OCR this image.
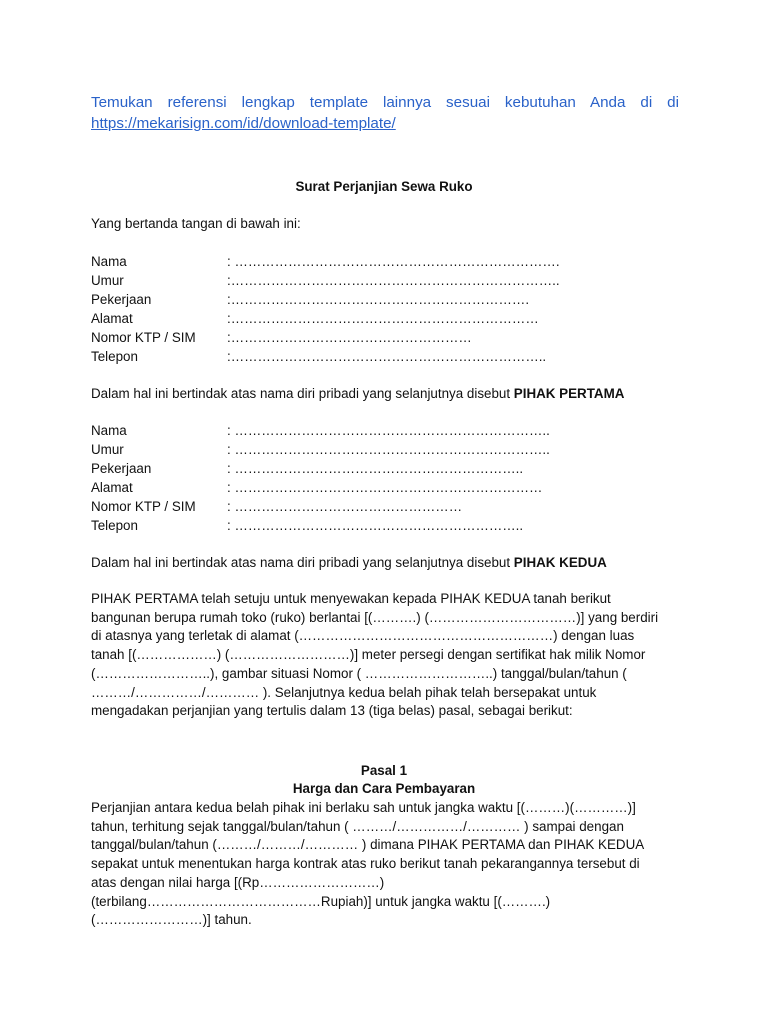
Temukan referensi lengkap template lainnya sesuai kebutuhan Anda di di
https://mekarisign.com/id/download-template/
Surat Perjanjian Sewa Ruko
Yang bertanda tangan di bawah ini:
Nama	: ……………………………………………………………….
Umur	:………………………………………………………………..
Pekerjaan	:………………………………………………………….
Alamat	:……………………………………………………………
Nomor KTP / SIM :………………………………………………
Telepon	:……………………………………………………………..
Dalam hal ini bertindak atas nama diri pribadi yang selanjutnya disebut PIHAK PERTAMA
Nama	: ……………………………………………………………..
Umur	: ……………………………………………………………..
Pekerjaan	: ………………………………………………………..
Alamat	: ……………………………………………………………
Nomor KTP / SIM : ……………………………………………
Telepon	: ………………………………………………………..
Dalam hal ini bertindak atas nama diri pribadi yang selanjutnya disebut PIHAK KEDUA
PIHAK PERTAMA telah setuju untuk menyewakan kepada PIHAK KEDUA tanah berikut
bangunan berupa rumah toko (ruko) berlantai [(……….) (……………………………)] yang berdiri
di atasnya yang terletak di alamat (…………………………………………………) dengan luas
tanah [(………………) (………………………)] meter persegi dengan sertifikat hak milik Nomor
(……………………..), gambar situasi Nomor ( ………………………..) tanggal/bulan/tahun (
………/……………/………… ). Selanjutnya kedua belah pihak telah bersepakat untuk
mengadakan perjanjian yang tertulis dalam 13 (tiga belas) pasal, sebagai berikut:
Pasal 1
Harga dan Cara Pembayaran
Perjanjian antara kedua belah pihak ini berlaku sah untuk jangka waktu [(………)(…………)]
tahun, terhitung sejak tanggal/bulan/tahun ( ………/……………/………… ) sampai dengan
tanggal/bulan/tahun (………/………/………… ) dimana PIHAK PERTAMA dan PIHAK KEDUA
sepakat untuk menentukan harga kontrak atas ruko berikut tanah pekarangannya tersebut di
atas dengan nilai harga [(Rp………………………)
(terbilang…………………………………Rupiah)] untuk jangka waktu [(……….)
(……………………)] tahun.
